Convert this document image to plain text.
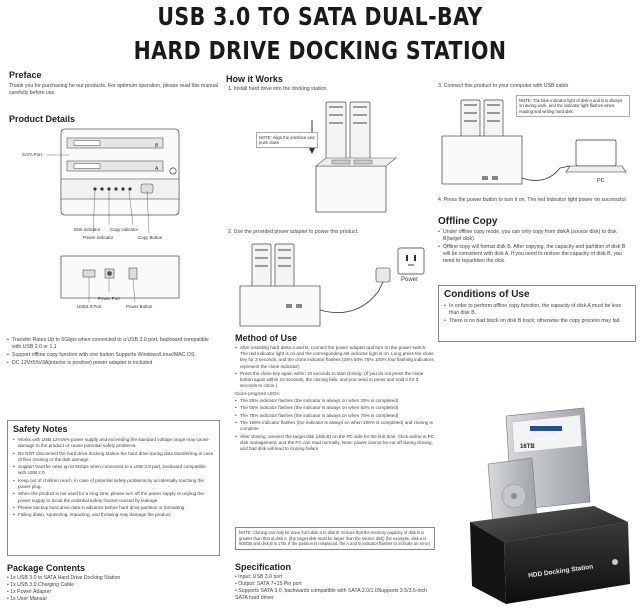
USB 3.0 TO SATA DUAL-BAY
HARD DRIVE DOCKING STATION
Preface
Thank you for purchasing he our products. For optimum operation, please read this manual carefully before use.
Product Details
SATA Port
B
A
Disk indicator Copy indicator
Power indicator	Copy Button
Power Port
USB3.0 Port	Power Button
• Transfer Rates Up to 5Gbps when connected to a USB 3.0 port, backward compatible with USB 2.0 or 1.1
• Support offline copy function with one button Supports Windows/Linux/MAC OS
• DC 12V±5%/3A(interior is positive) power adapter is included
Safety Notes
• Works with USB 12V±5% power supply and exceeding the standard voltage range may cause damage to the product or cause potential safety problems.
• Do NOT disconnect the hard drive docking station the hard drive during data transferring in case of files missing or the disk damage.
• Support transfer rates up to 5Gbps when connected to a USB 3.0 port, backward compatible with USB 2.0.
• Keep out of children reach, in case of potential safety problems by accidentally touching the power plug.
• When the product is not used for a long time, please turn off the power supply or unplug the power supply to avoid the potential safety hazard caused by leakage.
• Please backup hard drive data in advance before hard drive partition or formatting.
• Falling down, squeezing, impacting, and throwing may damage the product.
Package Contents
• 1x USB 3.0 to SATA Hard Drive Docking Station
• 1x USB 3.0 Charging Cable
• 1x Power Adapter
• 1x User Manual
How it Works
1. Install hard drive into the docking station.
NOTE: Align the interface and push down
2. Use the provided power adapter to power this product.
Power
3. Connect this product to your computer with USB cable
NOTE: The blue indicator light of disk A and B is always on during work, and the indicator light flashes when reading and writing hard disk.
PC
4. Press the power button to turn it on, The red indicator light power on successful
Offline Copy
• Under offline copy mode, you can only copy from diskA (source disk) to disk B(target disk).
• Offline copy will format disk B. After copying, the capacity and partition of disk B will be consistent with disk A. If you need to restore the capacity of disk B, you need to repartition the disk.
Conditions of Use
• In order to perform offline copy function, the capacity of disk A must be less than disk B.
• There is no bad block on disk B track; otherwise the copy process may fail.
Method of Use
• After installing hard disks a and B, connect the power adapter and turn on the power switch. The red indicator light is on and the corresponding AB indicator light is on. Long press the clone key for 3 seconds, and the clone indicator flashes (25% 50% 75% 100% four flashing indicators represent the clone indicator)
• Press the clone key again within 10 seconds to start cloning. (If you do not press the clone button again within 10 seconds, the cloning fails, and you need to press and hold it for 3 seconds to clone.)
Clone progress LEDs:
• The 25% indicator flashes (the indicator is always on when 25% is completed)
• The 50% indicator flashes (the indicator is always on when 50% is completed)
• The 75% indicator flashes (the indicator is always on when 75% is completed)
• The 100% indicator flashes (the indicator is always on when 100% is completed) and cloning is complete
• After cloning, connect the target disk (disk B) on the PC side for the first time. Click online in PC disk management, and the PC can read normally. Note: power cannot be cut off during cloning, and bad disk will lead to cloning failure
NOTE: Cloning can only be done from disk a to disk B. Ensure that the memory capacity of disk B is greater than that of disk a. (the target disk must be larger than the source disk) (for example, disk a is 500GB and disk B is 1TB. If the position is misplaced, the A and B indicator flashes to indicate an error)
Specification
• Input: USB 3.0 port
• Output: SATA 7+15 Pin port
• Supports SATA 3.0, backwards compatible with SATA 2.0/1.0Supports 2.5/3.5-inch SATA hard driver
Western Digital
16TB
HDD Docking Station
